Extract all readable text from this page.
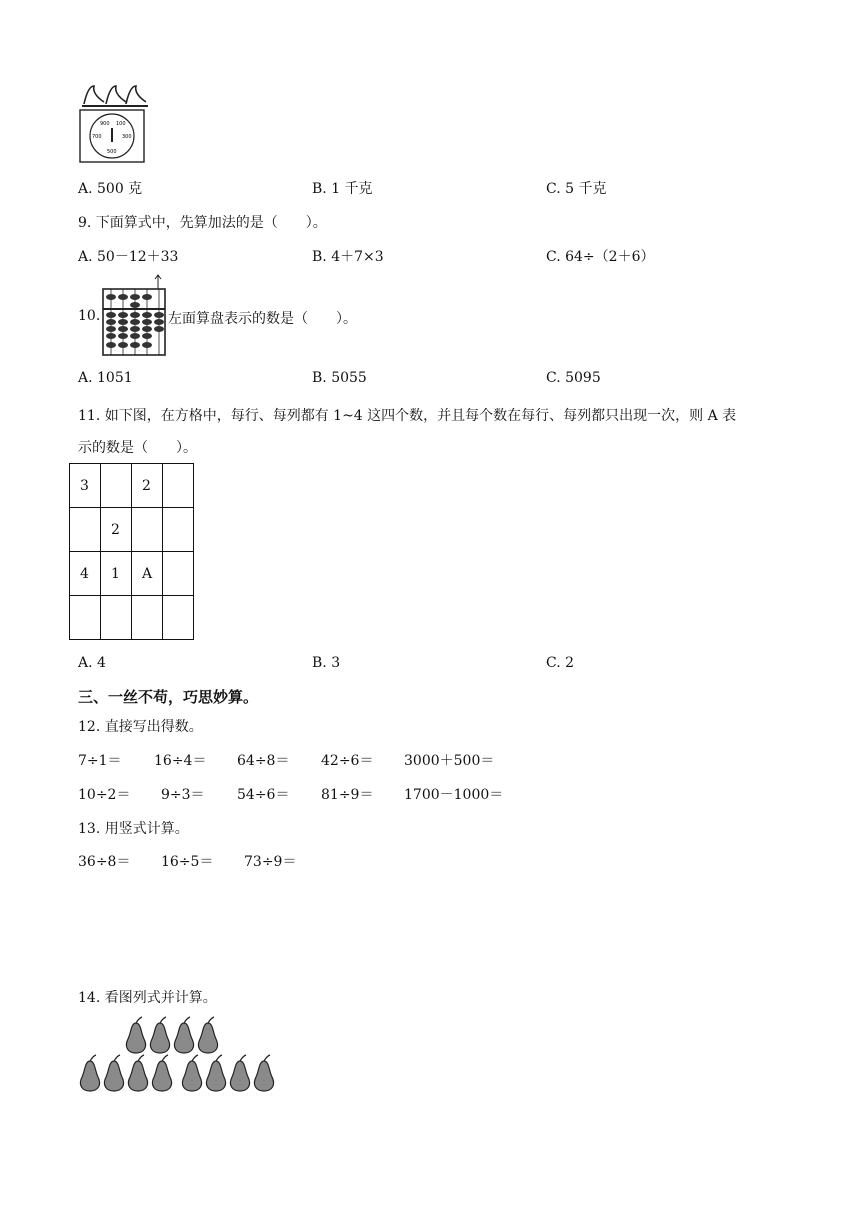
900 100
700	300
500
A. 500 克	B. 1 千克	C. 5 千克
9. 下面算式中，先算加法的是（　　）。
A. 50－12＋33	B. 4＋7×3	C. 64÷（2＋6）
10.	左面算盘表示的数是（　　）。
A. 1051	B. 5055	C. 5095
11. 如下图，在方格中，每行、每列都有 1~4 这四个数，并且每个数在每行、每列都只出现一次，则 A 表
示的数是（　　）。
3		2	
	2		
4	1	A	

A. 4	B. 3	C. 2
三、一丝不苟，巧思妙算。
12. 直接写出得数。
7÷1＝ 16÷4＝ 64÷8＝ 42÷6＝ 3000＋500＝
10÷2＝ 9÷3＝ 54÷6＝ 81÷9＝ 1700－1000＝
13. 用竖式计算。
36÷8＝ 16÷5＝ 73÷9＝
14. 看图列式并计算。
